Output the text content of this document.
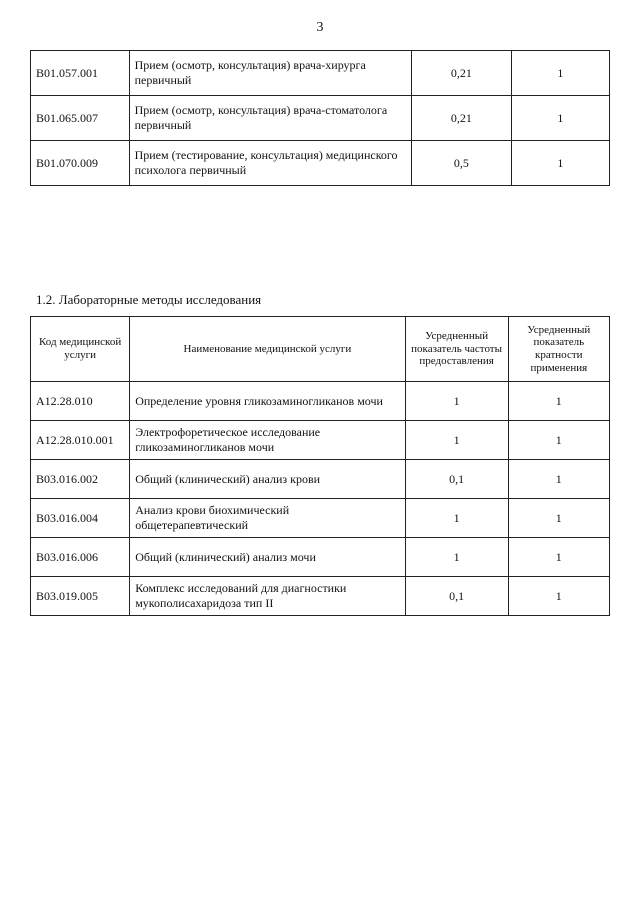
3
B01.057.001	Прием (осмотр, консультация) врача-хирурга первичный	0,21	1
B01.065.007	Прием (осмотр, консультация) врача-стоматолога первичный	0,21	1
B01.070.009	Прием (тестирование, консультация) медицинского психолога первичный	0,5	1
1.2. Лабораторные методы исследования
Код медицинской услуги	Наименование медицинской услуги	Усредненный показатель частоты предоставления	Усредненный показатель кратности применения
A12.28.010	Определение уровня гликозаминогликанов мочи	1	1
A12.28.010.001	Электрофоретическое исследование гликозаминогликанов мочи	1	1
B03.016.002	Общий (клинический) анализ крови	0,1	1
B03.016.004	Анализ крови биохимический общетерапевтический	1	1
B03.016.006	Общий (клинический) анализ мочи	1	1
B03.019.005	Комплекс исследований для диагностики мукополисахаридоза тип II	0,1	1
